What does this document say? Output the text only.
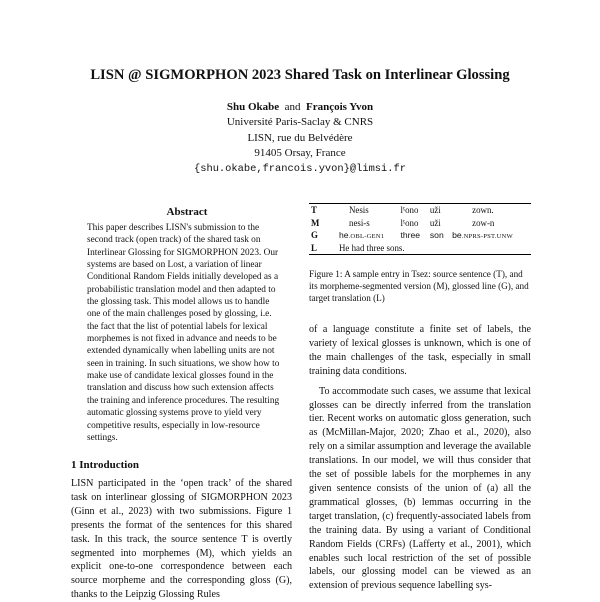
LISN @ SIGMORPHON 2023 Shared Task on Interlinear Glossing
Shu Okabe and François Yvon
Université Paris-Saclay & CNRS
LISN, rue du Belvédère
91405 Orsay, France
{shu.okabe,francois.yvon}@limsi.fr
Abstract
This paper describes LISN's submission to the second track (open track) of the shared task on Interlinear Glossing for SIGMORPHON 2023. Our systems are based on Lost, a variation of linear Conditional Random Fields initially developed as a probabilistic translation model and then adapted to the glossing task. This model allows us to handle one of the main challenges posed by glossing, i.e. the fact that the list of potential labels for lexical morphemes is not fixed in advance and needs to be extended dynamically when labelling units are not seen in training. In such situations, we show how to make use of candidate lexical glosses found in the translation and discuss how such extension affects the training and inference procedures. The resulting automatic glossing systems prove to yield very competitive results, especially in low-resource settings.
1 Introduction
LISN participated in the ‘open track’ of the shared task on interlinear glossing of SIGMORPHON 2023 (Ginn et al., 2023) with two submissions. Figure 1 presents the format of the sentences for this shared task. In this track, the source sentence T is overtly segmented into morphemes (M), which yields an explicit one-to-one correspondence between each source morpheme and the corresponding gloss (G), thanks to the Leipzig Glossing Rules
T	Nesis	lˤono	uži	zown.
M	nesi-s	lˤono	uži	zow-n
G	he.OBL-GEN1	three	son	be.NPRS-PST.UNW
L	He had three sons.			
Figure 1: A sample entry in Tsez: source sentence (T), and its morpheme-segmented version (M), glossed line (G), and target translation (L)

of a language constitute a finite set of labels, the variety of lexical glosses is unknown, which is one of the main challenges of the task, especially in small training data conditions.

To accommodate such cases, we assume that lexical glosses can be directly inferred from the translation tier. Recent works on automatic gloss generation, such as (McMillan-Major, 2020; Zhao et al., 2020), also rely on a similar assumption and leverage the available translations. In our model, we will thus consider that the set of possible labels for the morphemes in any given sentence consists of the union of (a) all the grammatical glosses, (b) lemmas occurring in the target translation, (c) frequently-associated labels from the training data. By using a variant of Conditional Random Fields (CRFs) (Lafferty et al., 2001), which enables such local restriction of the set of possible labels, our glossing model can be viewed as an extension of previous sequence labelling sys-
